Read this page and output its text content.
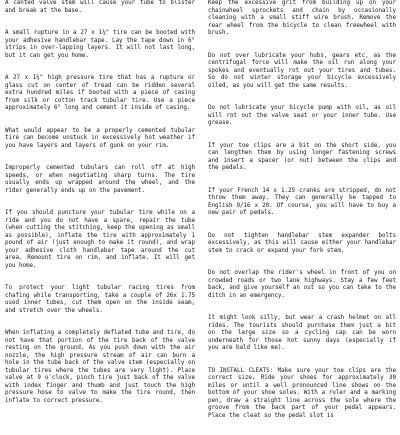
A canted valve stem will cause your tube to blister and break at the base.

A small rupture in a 27 x 1¼" tire can be booted with your adhesive handlebar tape. Lay the tape down in 6" strips in over-lapping layers. It will not last long, but it can get you home.

A 27 x 1¼" high pressure tire that has a rupture or glass cut on center of tread can be ridden several extra hundred miles if booted with a piece of casing from silk or cotton track tubular tire. Use a piece approximately 6" long and cement it inside of casing.

What would appear to be a properly cemented tubular tire can become unstuck in excessively hot weather if you have layers and layers of gunk on your rim.

Improperly cemented tubulars can roll off at high speeds, or when negotiating sharp turns. The tire usually ends up wrapped around the wheel, and the rider generally ends up on the pavement.

If you should puncture your tubular tire while on a ride and you do not have a spare, repair the tube (when cutting the stitching, keep the opening as small as possible), inflate the tire with approximately 1 pound of air (just enough to make it round), and wrap your adhesive cloth handlebar tape around the cut area. Remount tire on rim, and inflate. It will get you home.

To protect your light tubular racing tires from chafing while transporting, take a couple of 26x 1.75 used inner tubes, cut them open on the inside seam, and stretch over the wheels.

When inflating a completely deflated tube and tire, do not have that portion of the tire back of the valve resting on the ground. As you push down with the air nozzle, the high pressure stream of air can burn a hole in the tube back of the valve stem (especially on tubular tires where the tubes are very light). Place valve at 9 o'clock, pinch tire just back of the valve with index finger and thumb and just touch the high pressure hose to valve to make the tire round, then inflate to correct pressure.

Keep the excessive grit from building up on your chainwheel sprockets and chain by occasionally cleaning with a small stiff wire brush. Remove the rear wheel from the bicycle to clean freewheel with brush.

Do not over lubricate your hubs, gears etc, as the centrifugal force will make the oil run along your spokes and eventually rot out your tires and tubes. So do not winter storage your bicycle excessively oiled, as you will get the same results.

Do not lubricate your bicycle pump with oil, as oil will rot out the valve seat or your inner tube. Use grease.

If your toe clips are a bit on the short side, you can lengthen them by using longer fastening screws and insert a spacer (or nut) between the clips and the pedals.

If your French 14 x 1.25 cranks are stripped, do not throw them away. They can generally be tapped to English 9/16 x 20. Of course, you will have to buy a new pair of pedals.

Do not tighten handlebar stem expander bolts excessively, as this will cause either your handlebar stem to crack or expand your fork stem.

Do not overlap the rider's wheel in front of you on crowded roads or two lane highways. Stay a few feet back, and give yourself an out so you can take to the ditch in an emergency.

It might look silly, but wear a crash helmet on all rides. The tourists should purchase them just a bit on the large size so a cycling cap can be worn underneath for those hot sunny days (especially if you are bald like me).

TO INSTALL CLEATS: Make sure your toe clips are the correct size. Ride your shoes for approximately 30 miles or until a well pronounced line shows on the bottom of your shoe soles. With a ruler and a marking pen, draw a straight line across the sole where the groove from the back part of your pedal appears. Place the cleat so the pedal slot is
